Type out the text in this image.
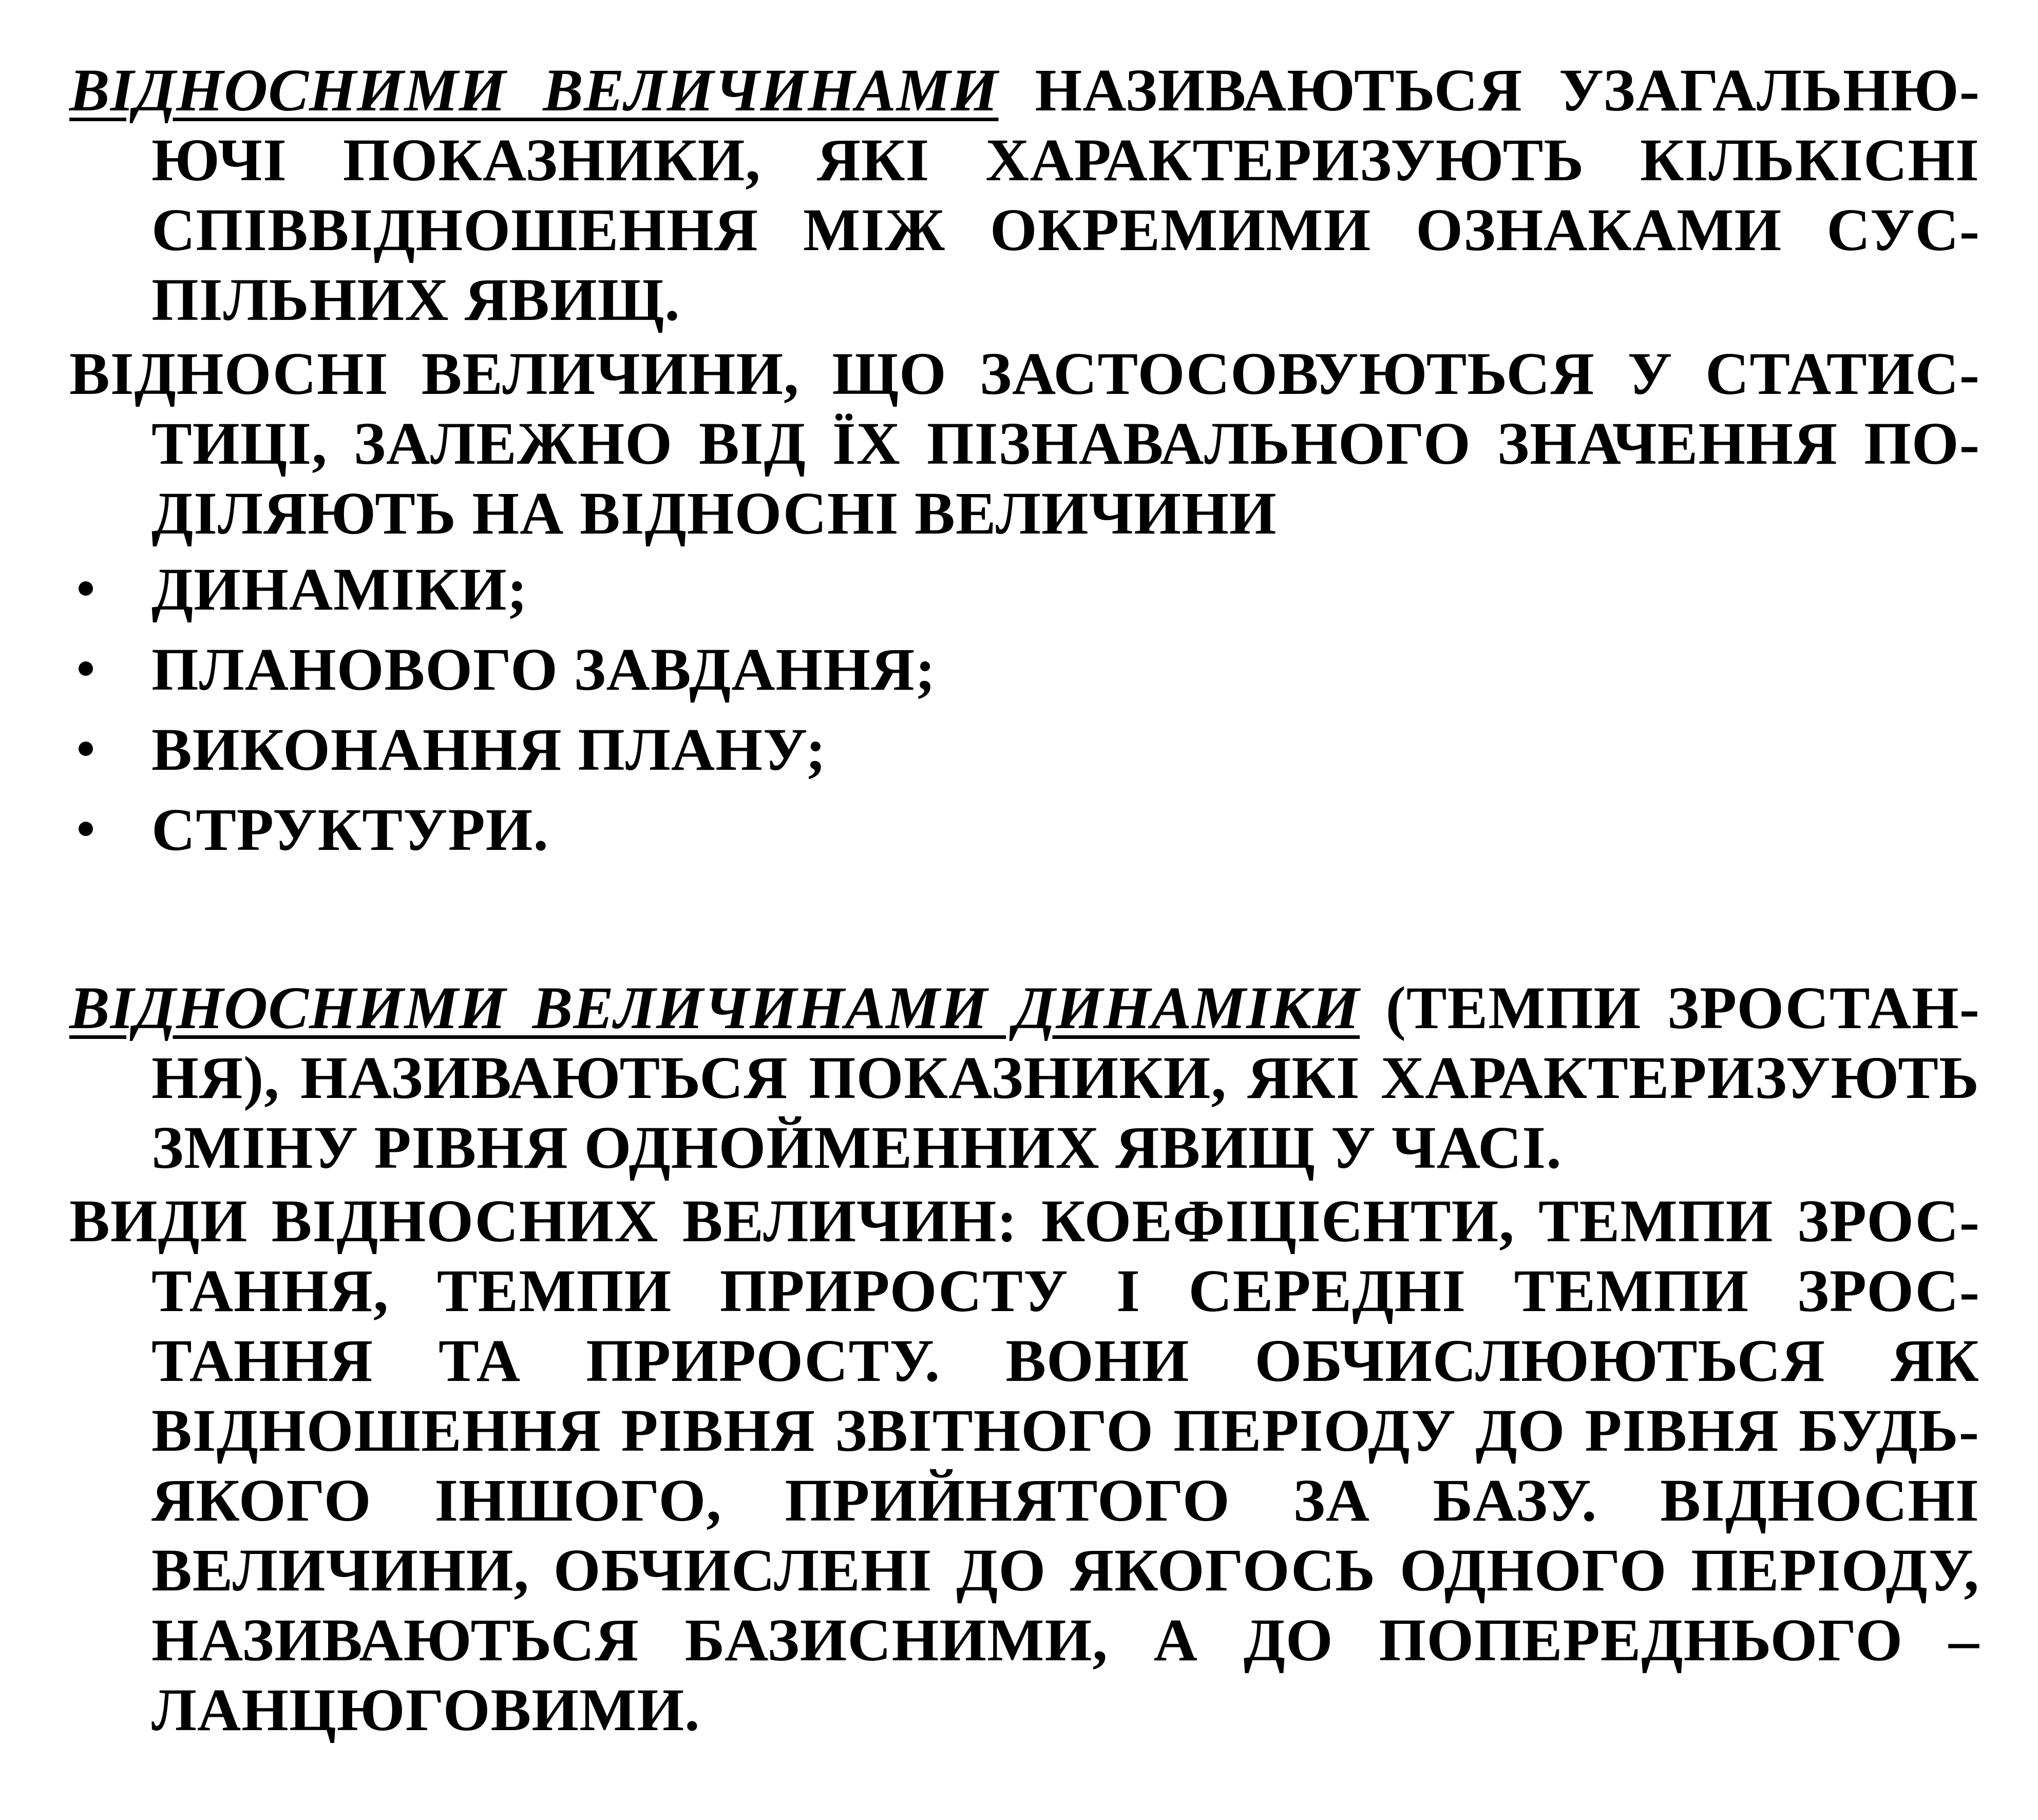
ВІДНОСНИМИ ВЕЛИЧИНАМИ НАЗИВАЮТЬСЯ УЗАГАЛЬНЮЮЧІ ПОКАЗНИКИ, ЯКІ ХАРАКТЕРИЗУЮТЬ КІЛЬКІСНІ СПІВВІДНОШЕННЯ МІЖ ОКРЕМИМИ ОЗНАКАМИ СУСПІЛЬНИХ ЯВИЩ.

ВІДНОСНІ ВЕЛИЧИНИ, ЩО ЗАСТОСОВУЮТЬСЯ У СТАТИСТИЦІ, ЗАЛЕЖНО ВІД ЇХ ПІЗНАВАЛЬНОГО ЗНАЧЕННЯ ПОДІЛЯЮТЬ НА ВІДНОСНІ ВЕЛИЧИНИ

ДИНАМІКИ;
ПЛАНОВОГО ЗАВДАННЯ;
ВИКОНАННЯ ПЛАНУ;
СТРУКТУРИ.

ВІДНОСНИМИ ВЕЛИЧИНАМИ ДИНАМІКИ (ТЕМПИ ЗРОСТАННЯ), НАЗИВАЮТЬСЯ ПОКАЗНИКИ, ЯКІ ХАРАКТЕРИЗУЮТЬ ЗМІНУ РІВНЯ ОДНОЙМЕННИХ ЯВИЩ У ЧАСІ.

ВИДИ ВІДНОСНИХ ВЕЛИЧИН: КОЕФІЦІЄНТИ, ТЕМПИ ЗРОСТАННЯ, ТЕМПИ ПРИРОСТУ І СЕРЕДНІ ТЕМПИ ЗРОСТАННЯ ТА ПРИРОСТУ. ВОНИ ОБЧИСЛЮЮТЬСЯ ЯК ВІДНОШЕННЯ РІВНЯ ЗВІТНОГО ПЕРІОДУ ДО РІВНЯ БУДЬ-ЯКОГО ІНШОГО, ПРИЙНЯТОГО ЗА БАЗУ. ВІДНОСНІ ВЕЛИЧИНИ, ОБЧИСЛЕНІ ДО ЯКОГОСЬ ОДНОГО ПЕРІОДУ, НАЗИВАЮТЬСЯ БАЗИСНИМИ, А ДО ПОПЕРЕДНЬОГО – ЛАНЦЮГОВИМИ.
